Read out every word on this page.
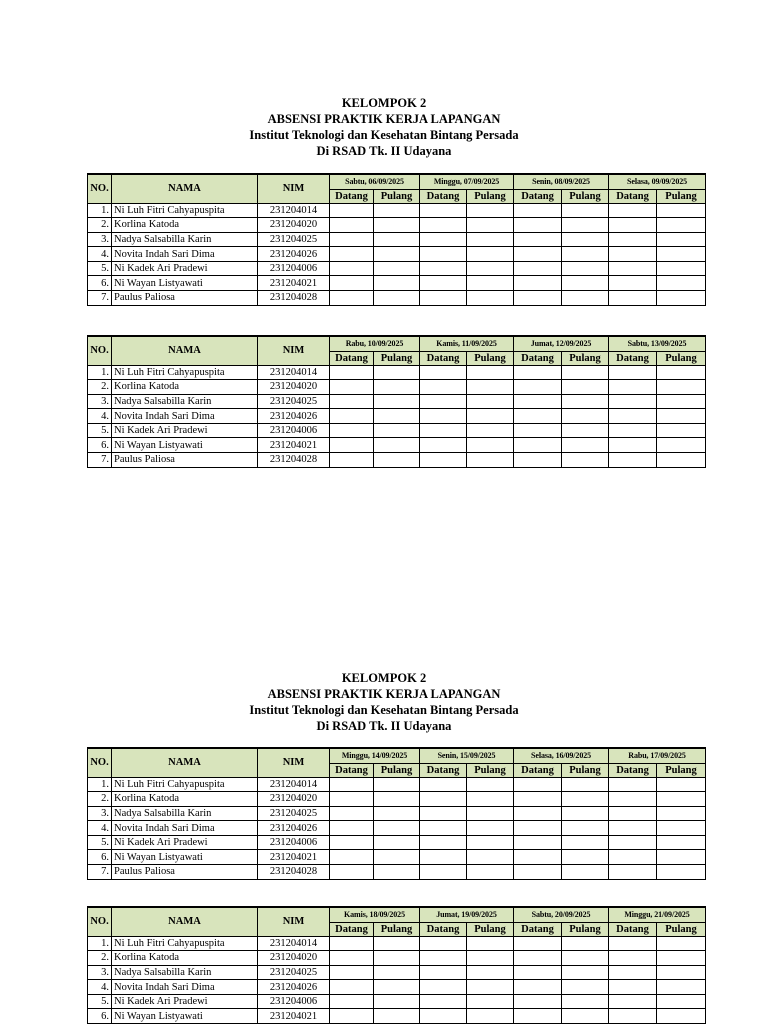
KELOMPOK 2
ABSENSI PRAKTIK KERJA LAPANGAN
Institut Teknologi dan Kesehatan Bintang Persada
Di RSAD Tk. II Udayana
KELOMPOK 2
ABSENSI PRAKTIK KERJA LAPANGAN
Institut Teknologi dan Kesehatan Bintang Persada
Di RSAD Tk. II Udayana
NO.	NAMA	NIM	Sabtu, 06/09/2025		Minggu, 07/09/2025		Senin, 08/09/2025		Selasa, 09/09/2025	
			Datang	Pulang	Datang	Pulang	Datang	Pulang	Datang	Pulang
1.	Ni Luh Fitri Cahyapuspita	231204014								
2.	Korlina Katoda	231204020								
3.	Nadya Salsabilla Karin	231204025								
4.	Novita Indah Sari Dima	231204026								
5.	Ni Kadek Ari Pradewi	231204006								
6.	Ni Wayan Listyawati	231204021								
7.	Paulus Paliosa	231204028								
NO.	NAMA	NIM	Rabu, 10/09/2025		Kamis, 11/09/2025		Jumat, 12/09/2025		Sabtu, 13/09/2025	
			Datang	Pulang	Datang	Pulang	Datang	Pulang	Datang	Pulang
1.	Ni Luh Fitri Cahyapuspita	231204014								
2.	Korlina Katoda	231204020								
3.	Nadya Salsabilla Karin	231204025								
4.	Novita Indah Sari Dima	231204026								
5.	Ni Kadek Ari Pradewi	231204006								
6.	Ni Wayan Listyawati	231204021								
7.	Paulus Paliosa	231204028								
NO.	NAMA	NIM	Minggu, 14/09/2025		Senin, 15/09/2025		Selasa, 16/09/2025		Rabu, 17/09/2025	
			Datang	Pulang	Datang	Pulang	Datang	Pulang	Datang	Pulang
1.	Ni Luh Fitri Cahyapuspita	231204014								
2.	Korlina Katoda	231204020								
3.	Nadya Salsabilla Karin	231204025								
4.	Novita Indah Sari Dima	231204026								
5.	Ni Kadek Ari Pradewi	231204006								
6.	Ni Wayan Listyawati	231204021								
7.	Paulus Paliosa	231204028								
NO.	NAMA	NIM	Kamis, 18/09/2025		Jumat, 19/09/2025		Sabtu, 20/09/2025		Minggu, 21/09/2025	
			Datang	Pulang	Datang	Pulang	Datang	Pulang	Datang	Pulang
1.	Ni Luh Fitri Cahyapuspita	231204014								
2.	Korlina Katoda	231204020								
3.	Nadya Salsabilla Karin	231204025								
4.	Novita Indah Sari Dima	231204026								
5.	Ni Kadek Ari Pradewi	231204006								
6.	Ni Wayan Listyawati	231204021								
